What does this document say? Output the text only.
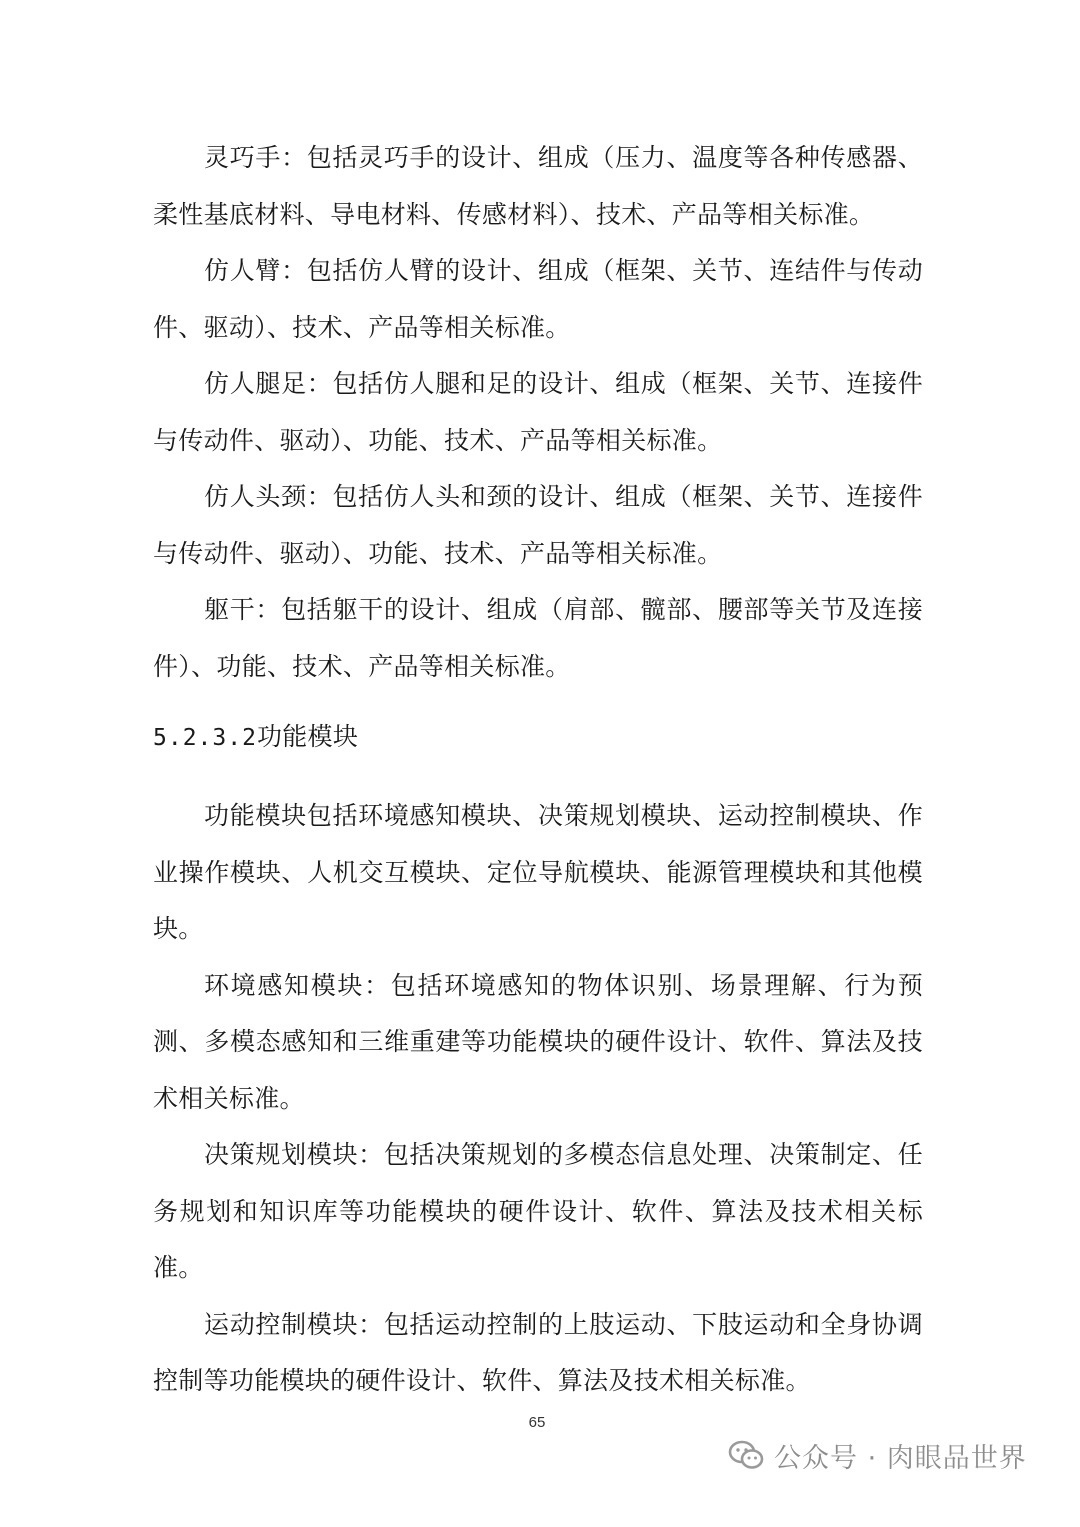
灵巧手：包括灵巧手的设计、组成（压力、温度等各种传感器、柔性基底材料、导电材料、传感材料）、技术、产品等相关标准。

仿人臂：包括仿人臂的设计、组成（框架、关节、连结件与传动件、驱动）、技术、产品等相关标准。

仿人腿足：包括仿人腿和足的设计、组成（框架、关节、连接件与传动件、驱动）、功能、技术、产品等相关标准。

仿人头颈：包括仿人头和颈的设计、组成（框架、关节、连接件与传动件、驱动）、功能、技术、产品等相关标准。

躯干：包括躯干的设计、组成（肩部、髋部、腰部等关节及连接件）、功能、技术、产品等相关标准。

5.2.3.2功能模块

功能模块包括环境感知模块、决策规划模块、运动控制模块、作业操作模块、人机交互模块、定位导航模块、能源管理模块和其他模块。

环境感知模块：包括环境感知的物体识别、场景理解、行为预测、多模态感知和三维重建等功能模块的硬件设计、软件、算法及技术相关标准。

决策规划模块：包括决策规划的多模态信息处理、决策制定、任务规划和知识库等功能模块的硬件设计、软件、算法及技术相关标准。

运动控制模块：包括运动控制的上肢运动、下肢运动和全身协调控制等功能模块的硬件设计、软件、算法及技术相关标准。

65
公众号 · 肉眼品世界
